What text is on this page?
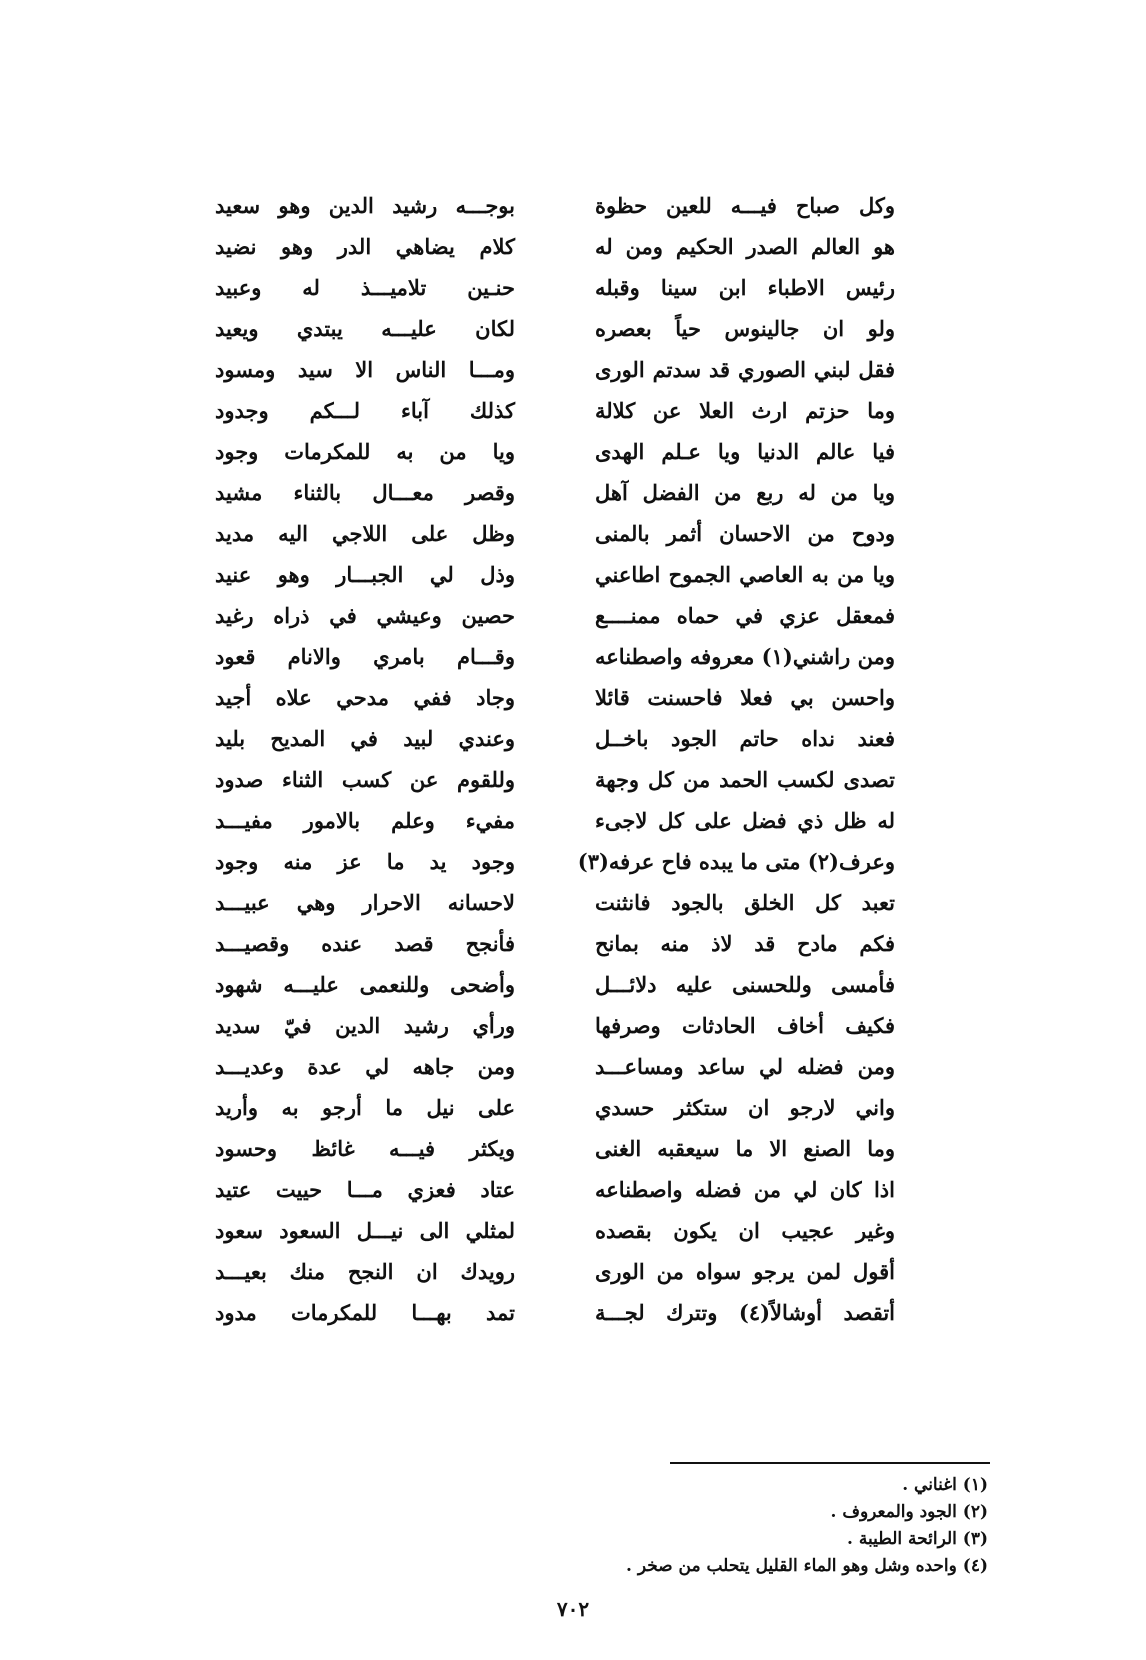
وكل صباح فيـــه للعين حظوة
بوجـــه رشيد الدين وهو سعيد
هو العالم الصدر الحكيم ومن له
كلام يضاهي الدر وهو نضيد
رئيس الاطباء ابن سينا وقبله
حنـين تلاميـــذ له وعبيد
ولو ان جالينوس حياً بعصره
لكان عليـــه يبتدي ويعيد
فقل لبني الصوري قد سدتم الورى
ومـــا الناس الا سيد ومسود
وما حزتم ارث العلا عن كلالة
كذلك آباء لـــكم وجدود
فيا عالم الدنيا ويا عـلم الهدى
ويا من به للمكرمات وجود
ويا من له ربع من الفضل آهل
وقصر معـــال بالثناء مشيد
ودوح من الاحسان أثمر بالمنى
وظل على اللاجي اليه مديد
ويا من به العاصي الجموح اطاعني
وذل لي الجبـــار وهو عنيد
فمعقل عزي في حماه ممنــــع
حصين وعيشي في ذراه رغيد
ومن راشني(١) معروفه واصطناعه
وقـــام بامري والانام قعود
واحسن بي فعلا فاحسنت قائلا
وجاد ففي مدحي علاه أجيد
فعند نداه حاتم الجود باخــل
وعندي لبيد في المديح بليد
تصدى لكسب الحمد من كل وجهة
وللقوم عن كسب الثناء صدود
له ظل ذي فضل على كل لاجىء
مفيء وعلم بالامور مفيـــد
وعرف(٢) متى ما يبده فاح عرفه(٣)
وجود يد ما عز منه وجود
تعبد كل الخلق بالجود فانثنت
لاحسانه الاحرار وهي عبيـــد
فكم مادح قد لاذ منه بمانح
فأنجح قصد عنده وقصيـــد
فأمسى وللحسنى عليه دلائـــل
وأضحى وللنعمى عليـــه شهود
فكيف أخاف الحادثات وصرفها
ورأي رشيد الدين فيّ سديد
ومن فضله لي ساعد ومساعـــد
ومن جاهه لي عدة وعديـــد
واني لارجو ان ستكثر حسدي
على نيل ما أرجو به وأريد
وما الصنع الا ما سيعقبه الغنى
ويكثر فيـــه غائظ وحسود
اذا كان لي من فضله واصطناعه
عتاد فعزي مـــا حييت عتيد
وغير عجيب ان يكون بقصده
لمثلي الى نيـــل السعود سعود
أقول لمن يرجو سواه من الورى
رويدك ان النجح منك بعيـــد
أتقصد أوشالاً(٤) وتترك لجـــة
تمد بهـــا للمكرمات مدود
(١) اغناني .
(٢) الجود والمعروف .
(٣) الرائحة الطيبة .
(٤) واحده وشل وهو الماء القليل يتحلب من صخر .
٧٠٢
